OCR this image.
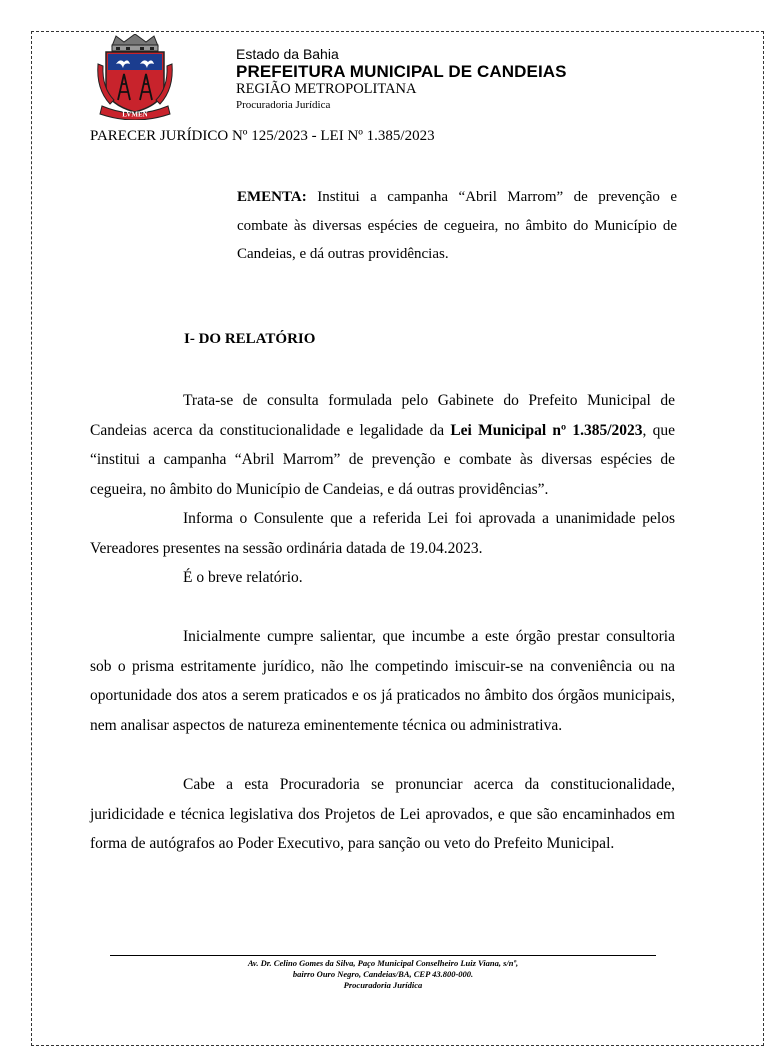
LVMEN
Estado da Bahia
PREFEITURA MUNICIPAL DE CANDEIAS
REGIÃO METROPOLITANA
Procuradoria Jurídica
PARECER JURÍDICO Nº 125/2023 - LEI Nº 1.385/2023
EMENTA: Institui a campanha “Abril Marrom” de prevenção e combate às diversas espécies de cegueira, no âmbito do Município de Candeias, e dá outras providências.
I- DO RELATÓRIO

Trata-se de consulta formulada pelo Gabinete do Prefeito Municipal de Candeias acerca da constitucionalidade e legalidade da Lei Municipal nº 1.385/2023, que “institui a campanha “Abril Marrom” de prevenção e combate às diversas espécies de cegueira, no âmbito do Município de Candeias, e dá outras providências”.

Informa o Consulente que a referida Lei foi aprovada a unanimidade pelos Vereadores presentes na sessão ordinária datada de 19.04.2023.

É o breve relatório.

Inicialmente cumpre salientar, que incumbe a este órgão prestar consultoria sob o prisma estritamente jurídico, não lhe competindo imiscuir-se na conveniência ou na oportunidade dos atos a serem praticados e os já praticados no âmbito dos órgãos municipais, nem analisar aspectos de natureza eminentemente técnica ou administrativa.

Cabe a esta Procuradoria se pronunciar acerca da constitucionalidade, juridicidade e técnica legislativa dos Projetos de Lei aprovados, e que são encaminhados em forma de autógrafos ao Poder Executivo, para sanção ou veto do Prefeito Municipal.

Av. Dr. Celino Gomes da Silva, Paço Municipal Conselheiro Luiz Viana, s/nº,
bairro Ouro Negro, Candeias/BA, CEP 43.800-000.
Procuradoria Jurídica
